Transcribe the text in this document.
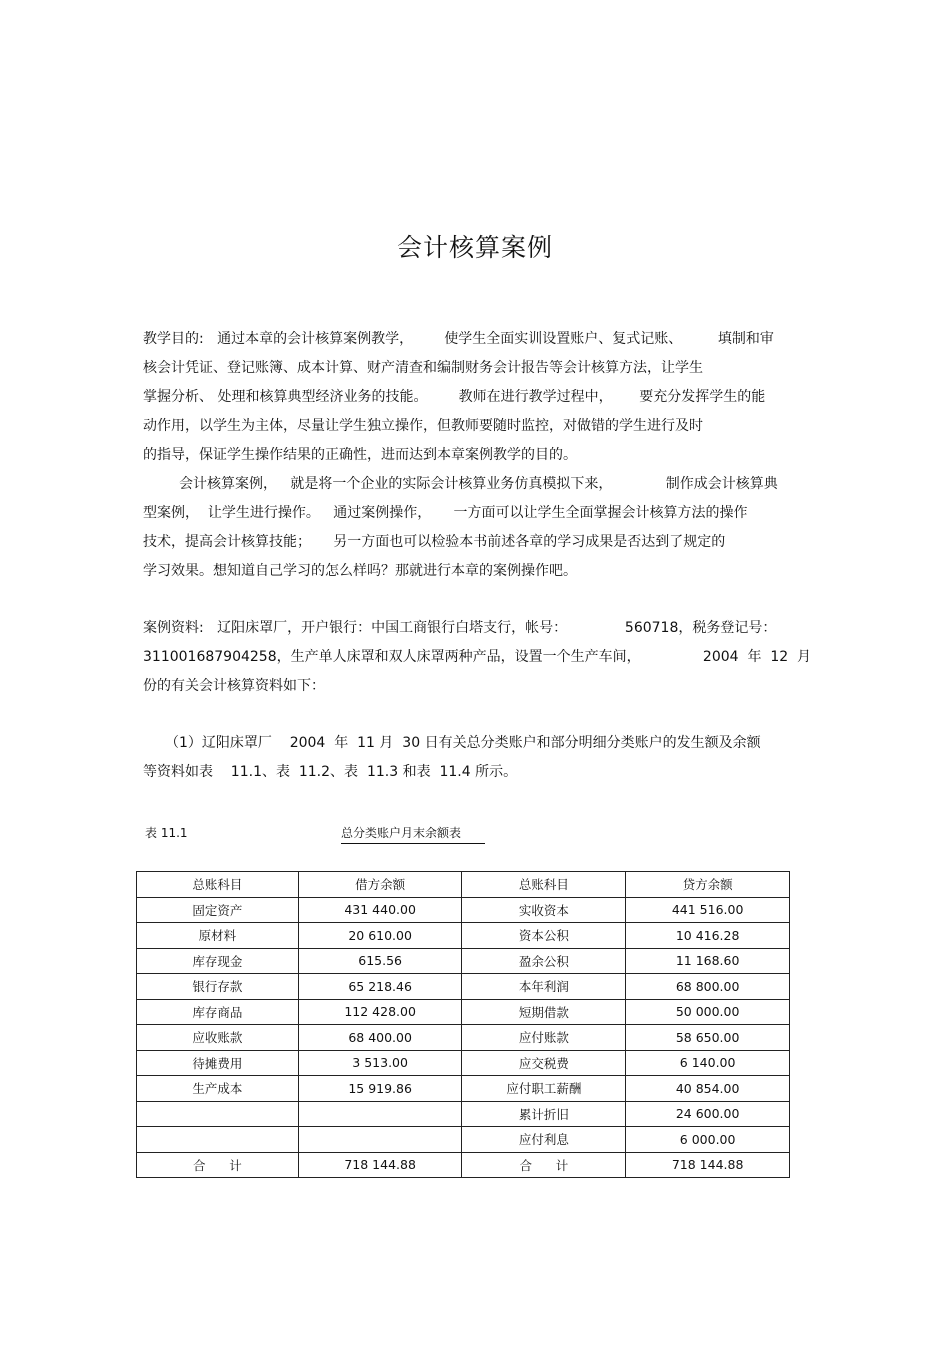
会计核算案例
教学目的:   通过本章的会计核算案例教学，       使学生全面实训设置账户、复式记账、        填制和审
核会计凭证、登记账簿、成本计算、财产清查和编制财务会计报告等会计核算方法，让学生
掌握分析、 处理和核算典型经济业务的技能。       教师在进行教学过程中，      要充分发挥学生的能
动作用，以学生为主体，尽量让学生独立操作，但教师要随时监控，对做错的学生进行及时
的指导，保证学生操作结果的正确性，进而达到本章案例教学的目的。
会计核算案例，   就是将一个企业的实际会计核算业务仿真模拟下来，            制作成会计核算典
型案例，  让学生进行操作。   通过案例操作，     一方面可以让学生全面掌握会计核算方法的操作
技术，提高会计核算技能；     另一方面也可以检验本书前述各章的学习成果是否达到了规定的
学习效果。想知道自己学习的怎么样吗？那就进行本章的案例操作吧。
案例资料:   辽阳床罩厂，开户银行：中国工商银行白塔支行，帐号：             560718，税务登记号：
311001687904258，生产单人床罩和双人床罩两种产品，设置一个生产车间，              2004  年  12  月
份的有关会计核算资料如下：
（1）辽阳床罩厂    2004  年  11 月  30 日有关总分类账户和部分明细分类账户的发生额及余额
等资料如表    11.1、表  11.2、表  11.3 和表  11.4 所示。
表 11.1	总分类账户月末余额表
总账科目	借方余额	总账科目	贷方余额
固定资产	431 440.00	实收资本	441 516.00
原材料	20 610.00	资本公积	10 416.28
库存现金	615.56	盈余公积	11 168.60
银行存款	65 218.46	本年利润	68 800.00
库存商品	112 428.00	短期借款	50 000.00
应收账款	68 400.00	应付账款	58 650.00
待摊费用	3 513.00	应交税费	6 140.00
生产成本	15 919.86	应付职工薪酬	40 854.00
		累计折旧	24 600.00
		应付利息	6 000.00
合      计	718 144.88	合      计	718 144.88
